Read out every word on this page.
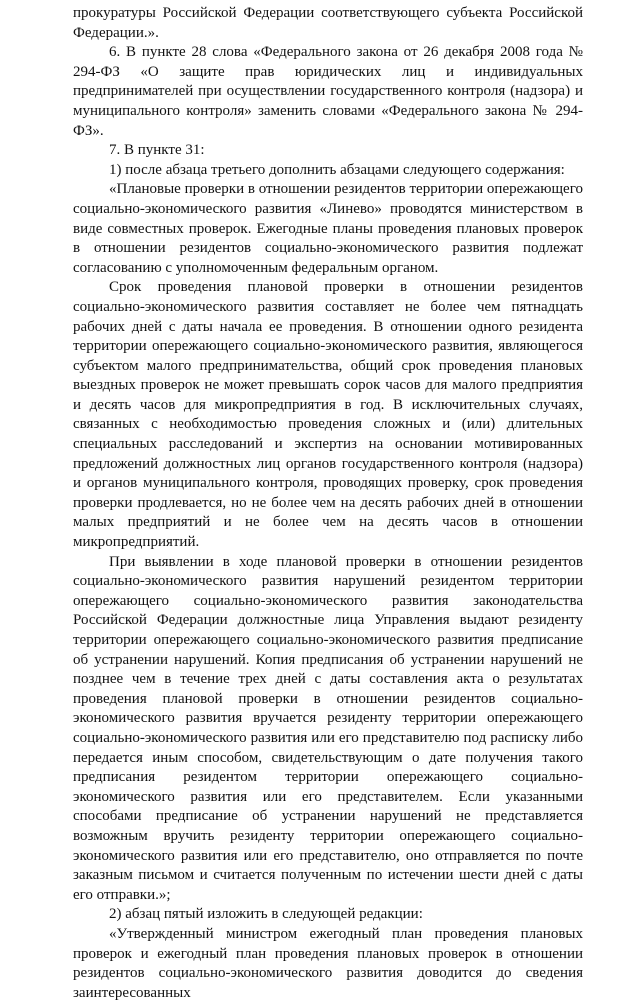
прокуратуры Российской Федерации соответствующего субъекта Российской Федерации.».

6. В пункте 28 слова «Федерального закона от 26 декабря 2008 года № 294-ФЗ «О защите прав юридических лиц и индивидуальных предпринимателей при осуществлении государственного контроля (надзора) и муниципального контроля» заменить словами «Федерального закона № 294-ФЗ».

7. В пункте 31:

1) после абзаца третьего дополнить абзацами следующего содержания:

«Плановые проверки в отношении резидентов территории опережающего социально-экономического развития «Линево» проводятся министерством в виде совместных проверок. Ежегодные планы проведения плановых проверок в отношении резидентов социально-экономического развития подлежат согласованию с уполномоченным федеральным органом.

Срок проведения плановой проверки в отношении резидентов социально-экономического развития составляет не более чем пятнадцать рабочих дней с даты начала ее проведения. В отношении одного резидента территории опережающего социально-экономического развития, являющегося субъектом малого предпринимательства, общий срок проведения плановых выездных проверок не может превышать сорок часов для малого предприятия и десять часов для микропредприятия в год. В исключительных случаях, связанных с необходимостью проведения сложных и (или) длительных специальных расследований и экспертиз на основании мотивированных предложений должностных лиц органов государственного контроля (надзора) и органов муниципального контроля, проводящих проверку, срок проведения проверки продлевается, но не более чем на десять рабочих дней в отношении малых предприятий и не более чем на десять часов в отношении микропредприятий.

При выявлении в ходе плановой проверки в отношении резидентов социально-экономического развития нарушений резидентом территории опережающего социально-экономического развития законодательства Российской Федерации должностные лица Управления выдают резиденту территории опережающего социально-экономического развития предписание об устранении нарушений. Копия предписания об устранении нарушений не позднее чем в течение трех дней с даты составления акта о результатах проведения плановой проверки в отношении резидентов социально-экономического развития вручается резиденту территории опережающего социально-экономического развития или его представителю под расписку либо передается иным способом, свидетельствующим о дате получения такого предписания резидентом территории опережающего социально-экономического развития или его представителем. Если указанными способами предписание об устранении нарушений не представляется возможным вручить резиденту территории опережающего социально-экономического развития или его представителю, оно отправляется по почте заказным письмом и считается полученным по истечении шести дней с даты его отправки.»;

2) абзац пятый изложить в следующей редакции:

«Утвержденный министром ежегодный план проведения плановых проверок и ежегодный план проведения плановых проверок в отношении резидентов социально-экономического развития доводится до сведения заинтересованных
